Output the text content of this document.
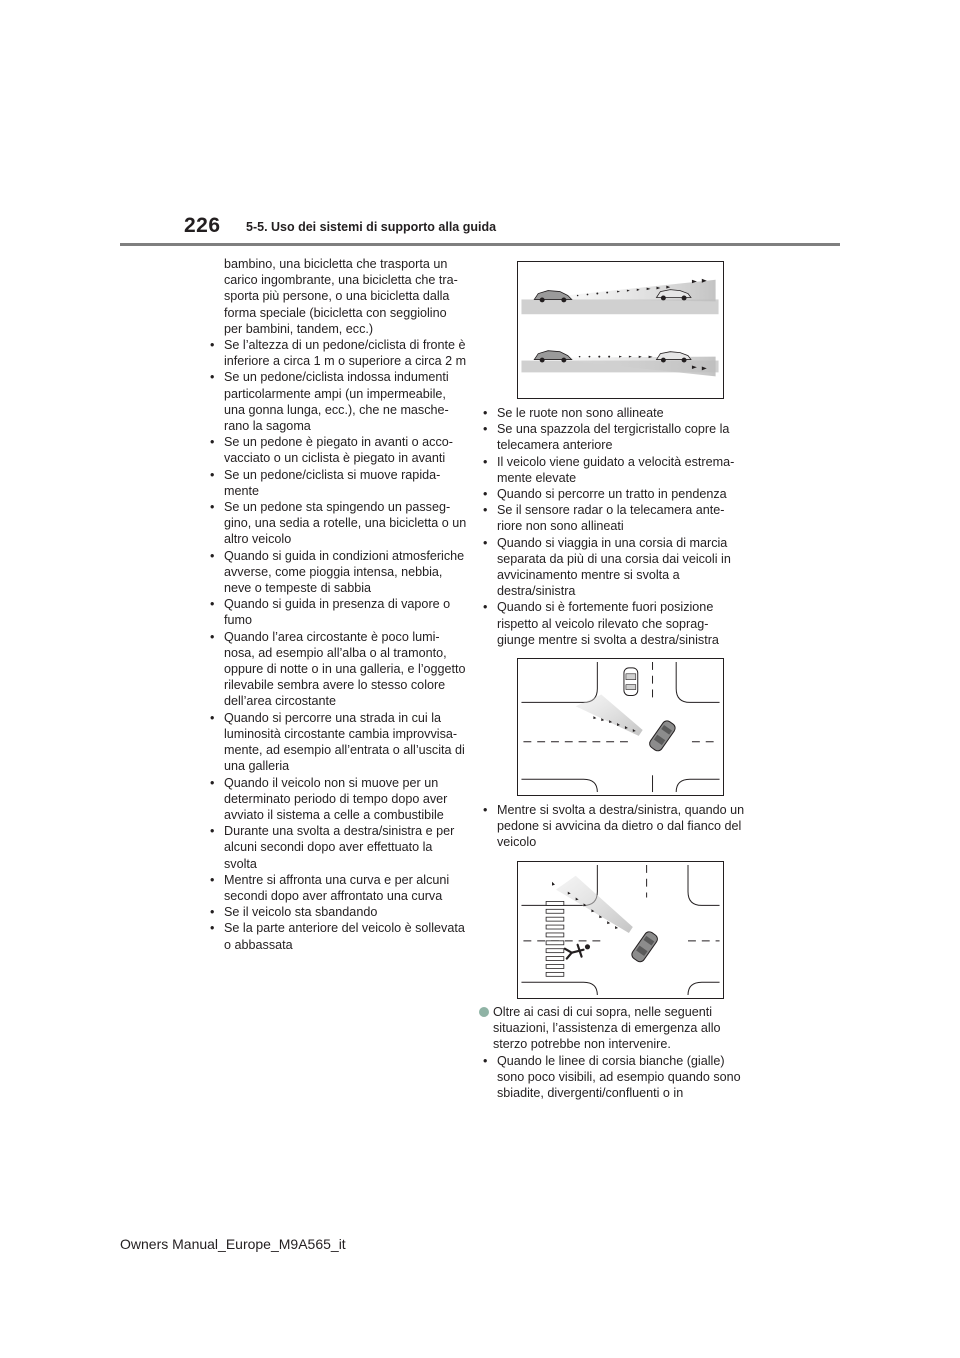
226 5-5. Uso dei sistemi di supporto alla guida
bambino, una bicicletta che trasporta un carico ingombrante, una bicicletta che tra-sporta più persone, o una bicicletta dalla forma speciale (bicicletta con seggiolino per bambini, tandem, ecc.)
• Se l’altezza di un pedone/ciclista di fronte è inferiore a circa 1 m o superiore a circa 2 m
• Se un pedone/ciclista indossa indumenti particolarmente ampi (un impermeabile, una gonna lunga, ecc.), che ne masche-rano la sagoma
• Se un pedone è piegato in avanti o acco-vacciato o un ciclista è piegato in avanti
• Se un pedone/ciclista si muove rapida-mente
• Se un pedone sta spingendo un passeg-gino, una sedia a rotelle, una bicicletta o un altro veicolo
• Quando si guida in condizioni atmosferiche avverse, come pioggia intensa, nebbia, neve o tempeste di sabbia
• Quando si guida in presenza di vapore o fumo
• Quando l’area circostante è poco lumi-nosa, ad esempio all’alba o al tramonto, oppure di notte o in una galleria, e l’oggetto rilevabile sembra avere lo stesso colore dell’area circostante
• Quando si percorre una strada in cui la luminosità circostante cambia improvvisa-mente, ad esempio all’entrata o all’uscita di una galleria
• Quando il veicolo non si muove per un determinato periodo di tempo dopo aver avviato il sistema a celle a combustibile
• Durante una svolta a destra/sinistra e per alcuni secondi dopo aver effettuato la svolta
• Mentre si affronta una curva e per alcuni secondi dopo aver affrontato una curva
• Se il veicolo sta sbandando
• Se la parte anteriore del veicolo è sollevata o abbassata
• Se le ruote non sono allineate
• Se una spazzola del tergicristallo copre la telecamera anteriore
• Il veicolo viene guidato a velocità estrema-mente elevate
• Quando si percorre un tratto in pendenza
• Se il sensore radar o la telecamera ante-riore non sono allineati
• Quando si viaggia in una corsia di marcia separata da più di una corsia dai veicoli in avvicinamento mentre si svolta a destra/sinistra
• Quando si è fortemente fuori posizione rispetto al veicolo rilevato che soprag-giunge mentre si svolta a destra/sinistra
• Mentre si svolta a destra/sinistra, quando un pedone si avvicina da dietro o dal fianco del veicolo
Oltre ai casi di cui sopra, nelle seguenti situazioni, l’assistenza di emergenza allo sterzo potrebbe non intervenire.
• Quando le linee di corsia bianche (gialle) sono poco visibili, ad esempio quando sono sbiadite, divergenti/confluenti o in
Owners Manual_Europe_M9A565_it
